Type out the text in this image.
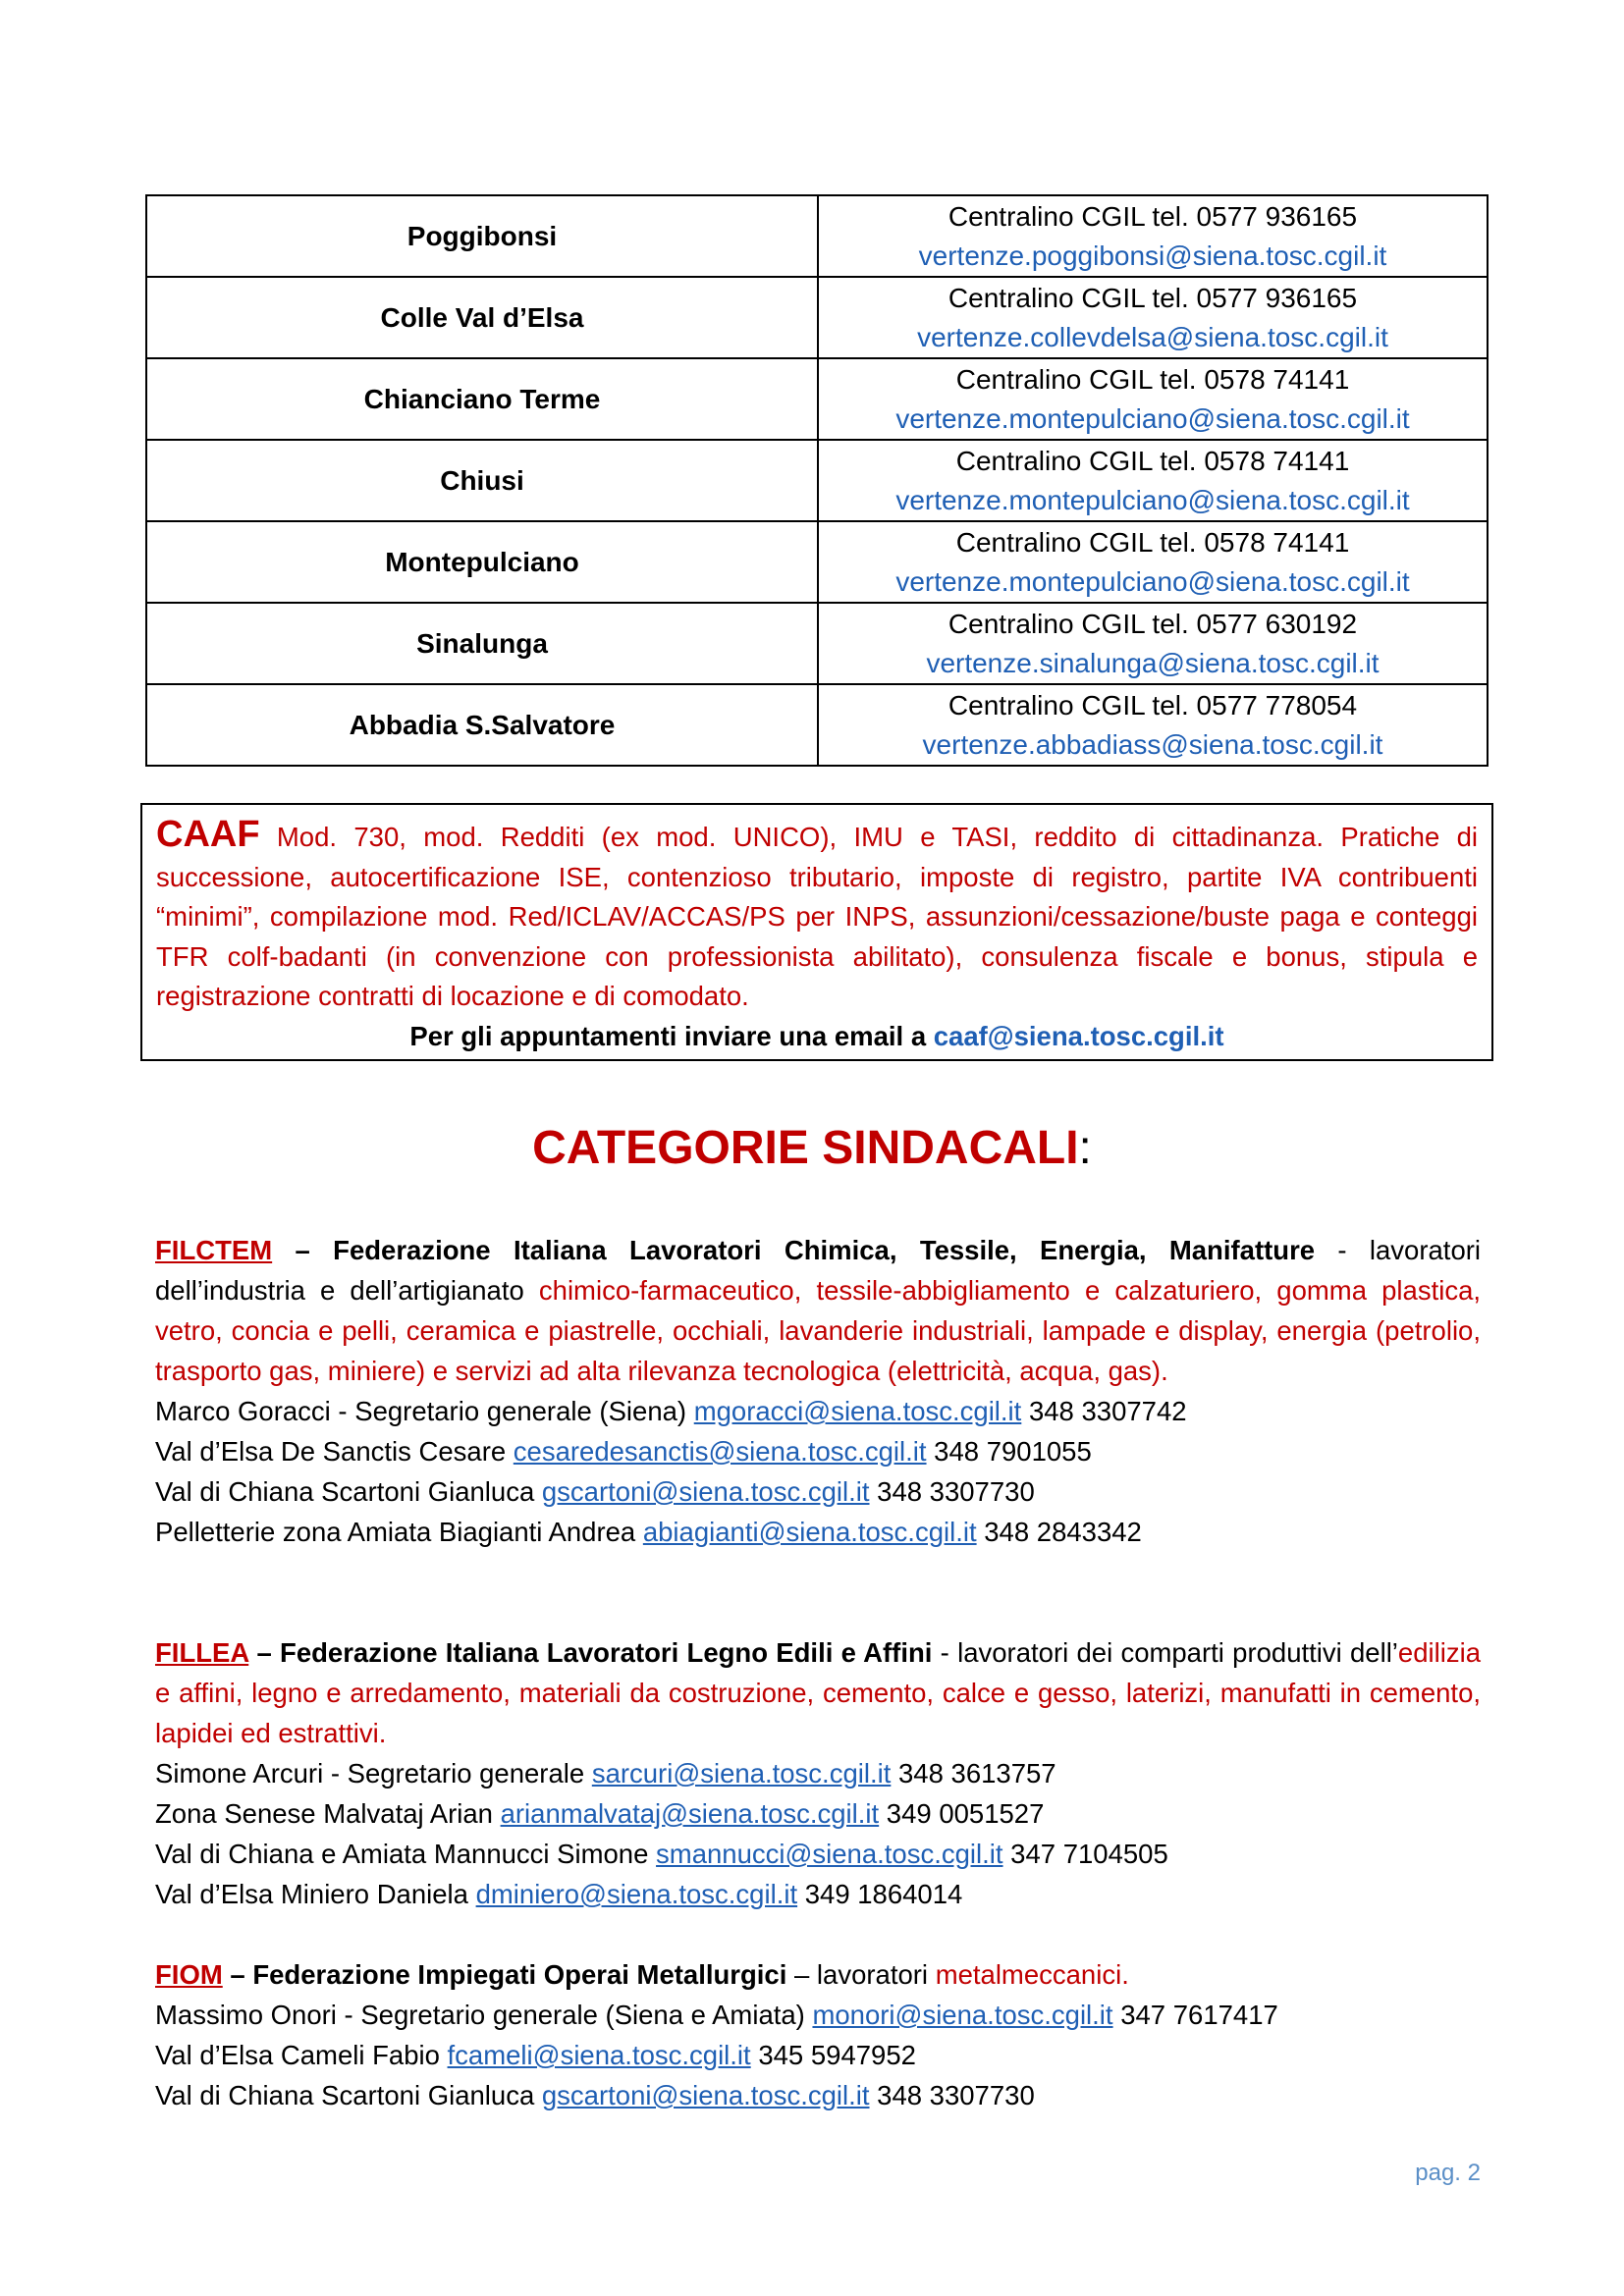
Poggibonsi	Centralino CGIL tel. 0577 936165
vertenze.poggibonsi@siena.tosc.cgil.it

Colle Val d’Elsa	Centralino CGIL tel. 0577 936165
vertenze.collevdelsa@siena.tosc.cgil.it

Chianciano Terme	Centralino CGIL tel. 0578 74141
vertenze.montepulciano@siena.tosc.cgil.it

Chiusi	Centralino CGIL tel. 0578 74141
vertenze.montepulciano@siena.tosc.cgil.it

Montepulciano	Centralino CGIL tel. 0578 74141
vertenze.montepulciano@siena.tosc.cgil.it

Sinalunga	Centralino CGIL tel. 0577 630192
vertenze.sinalunga@siena.tosc.cgil.it

Abbadia S.Salvatore	Centralino CGIL tel. 0577 778054
vertenze.abbadiass@siena.tosc.cgil.it

CAAF Mod. 730, mod. Redditi (ex mod. UNICO), IMU e TASI, reddito di cittadinanza. Pratiche di successione, autocertificazione ISE, contenzioso tributario, imposte di registro, partite IVA contribuenti “minimi”, compilazione mod. Red/ICLAV/ACCAS/PS per INPS, assunzioni/cessazione/buste paga e conteggi TFR colf-badanti (in convenzione con professionista abilitato), consulenza fiscale e bonus, stipula e registrazione contratti di locazione e di comodato.

Per gli appuntamenti inviare una email a caaf@siena.tosc.cgil.it

CATEGORIE SINDACALI:

FILCTEM – Federazione Italiana Lavoratori Chimica, Tessile, Energia, Manifatture - lavoratori dell’industria e dell’artigianato chimico-farmaceutico, tessile-abbigliamento e calzaturiero, gomma plastica, vetro, concia e pelli, ceramica e piastrelle, occhiali, lavanderie industriali, lampade e display, energia (petrolio, trasporto gas, miniere) e servizi ad alta rilevanza tecnologica (elettricità, acqua, gas).

Marco Goracci - Segretario generale (Siena) mgoracci@siena.tosc.cgil.it 348 3307742

Val d’Elsa De Sanctis Cesare cesaredesanctis@siena.tosc.cgil.it 348 7901055

Val di Chiana Scartoni Gianluca gscartoni@siena.tosc.cgil.it 348 3307730

Pelletterie zona Amiata Biagianti Andrea abiagianti@siena.tosc.cgil.it 348 2843342

FILLEA – Federazione Italiana Lavoratori Legno Edili e Affini - lavoratori dei comparti produttivi dell’edilizia e affini, legno e arredamento, materiali da costruzione, cemento, calce e gesso, laterizi, manufatti in cemento, lapidei ed estrattivi.

Simone Arcuri - Segretario generale sarcuri@siena.tosc.cgil.it 348 3613757

Zona Senese Malvataj Arian arianmalvataj@siena.tosc.cgil.it 349 0051527

Val di Chiana e Amiata Mannucci Simone smannucci@siena.tosc.cgil.it 347 7104505

Val d’Elsa Miniero Daniela dminiero@siena.tosc.cgil.it 349 1864014

FIOM – Federazione Impiegati Operai Metallurgici – lavoratori metalmeccanici.

Massimo Onori - Segretario generale (Siena e Amiata) monori@siena.tosc.cgil.it 347 7617417

Val d’Elsa Cameli Fabio fcameli@siena.tosc.cgil.it 345 5947952

Val di Chiana Scartoni Gianluca gscartoni@siena.tosc.cgil.it 348 3307730

pag. 2
